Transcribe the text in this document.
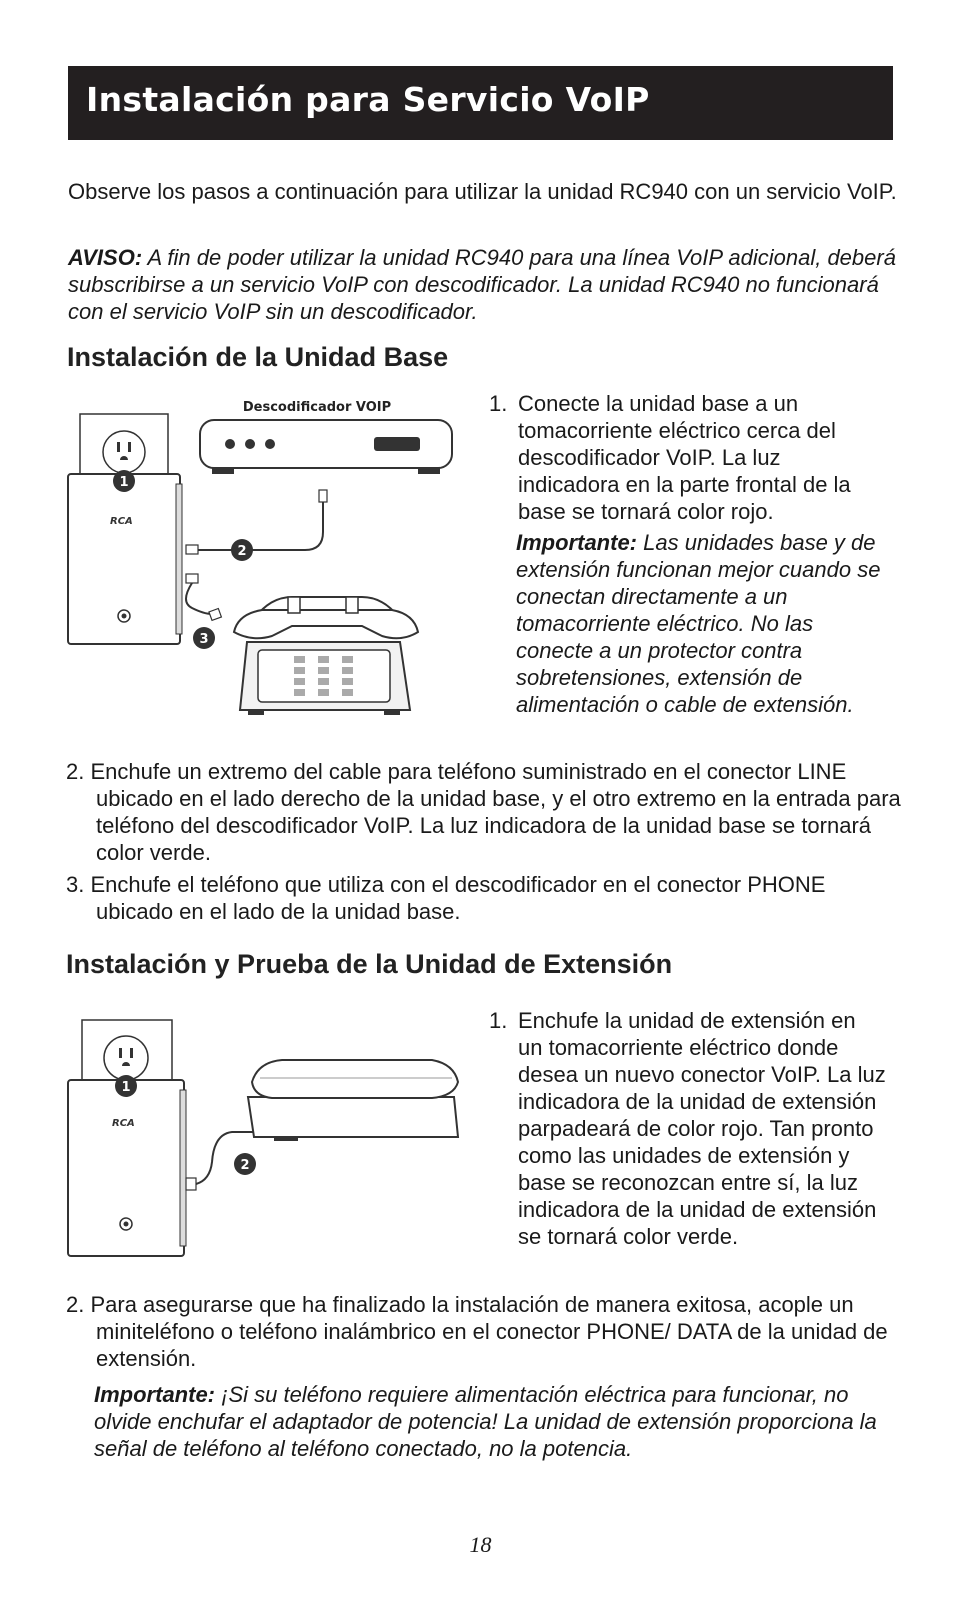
Instalación para Servicio VoIP

Observe los pasos a continuación para utilizar la unidad RC940 con un servicio VoIP.

AVISO: A fin de poder utilizar la unidad RC940 para una línea VoIP adicional, deberá subscribirse a un servicio VoIP con descodificador. La unidad RC940 no funcionará con el servicio VoIP sin un descodificador.

Instalación de la Unidad Base
RCA
1
Descodificador VOIP
2
3

1. Conecte la unidad base a un tomacorriente eléctrico cerca del descodificador VoIP. La luz indicadora en la parte frontal de la base se tornará color rojo.

Importante: Las unidades base y de extensión funcionan mejor cuando se conectan directamente a un tomacorriente eléctrico. No las conecte a un protector contra sobretensiones, extensión de alimentación o cable de extensión.

2. Enchufe un extremo del cable para teléfono suministrado en el conector LINE ubicado en el lado derecho de la unidad base, y el otro extremo en la entrada para teléfono del descodificador VoIP. La luz indicadora de la unidad base se tornará color verde.

3. Enchufe el teléfono que utiliza con el descodificador en el conector PHONE ubicado en el lado de la unidad base.

Instalación y Prueba de la Unidad de Extensión
RCA
1
2

1. Enchufe la unidad de extensión en un tomacorriente eléctrico donde desea un nuevo conector VoIP. La luz indicadora de la unidad de extensión parpadeará de color rojo. Tan pronto como las unidades de extensión y base se reconozcan entre sí, la luz indicadora de la unidad de extensión se tornará color verde.

2. Para asegurarse que ha finalizado la instalación de manera exitosa, acople un miniteléfono o teléfono inalámbrico en el conector PHONE/ DATA de la unidad de extensión.

Importante: ¡Si su teléfono requiere alimentación eléctrica para funcionar, no olvide enchufar el adaptador de potencia! La unidad de extensión proporciona la señal de teléfono al teléfono conectado, no la potencia.

18
